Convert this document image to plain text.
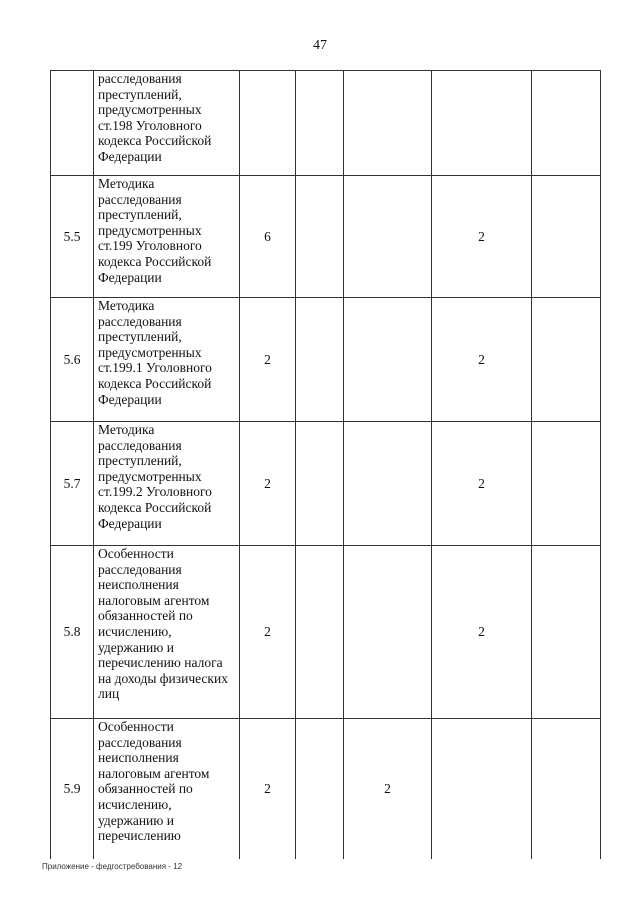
47
	расследования преступлений, предусмотренных ст.198 Уголовного кодекса Российской Федерации					
5.5	Методика расследования преступлений, предусмотренных ст.199 Уголовного кодекса Российской Федерации	6			2	
5.6	Методика расследования преступлений, предусмотренных ст.199.1 Уголовного кодекса Российской Федерации	2			2	
5.7	Методика расследования преступлений, предусмотренных ст.199.2 Уголовного кодекса Российской Федерации	2			2	
5.8	Особенности расследования неисполнения налоговым агентом обязанностей по исчислению, удержанию и перечислению налога на доходы физических лиц	2			2	
5.9	Особенности расследования неисполнения налоговым агентом обязанностей по исчислению, удержанию и перечислению	2		2		
Приложение - федгостребования - 12
